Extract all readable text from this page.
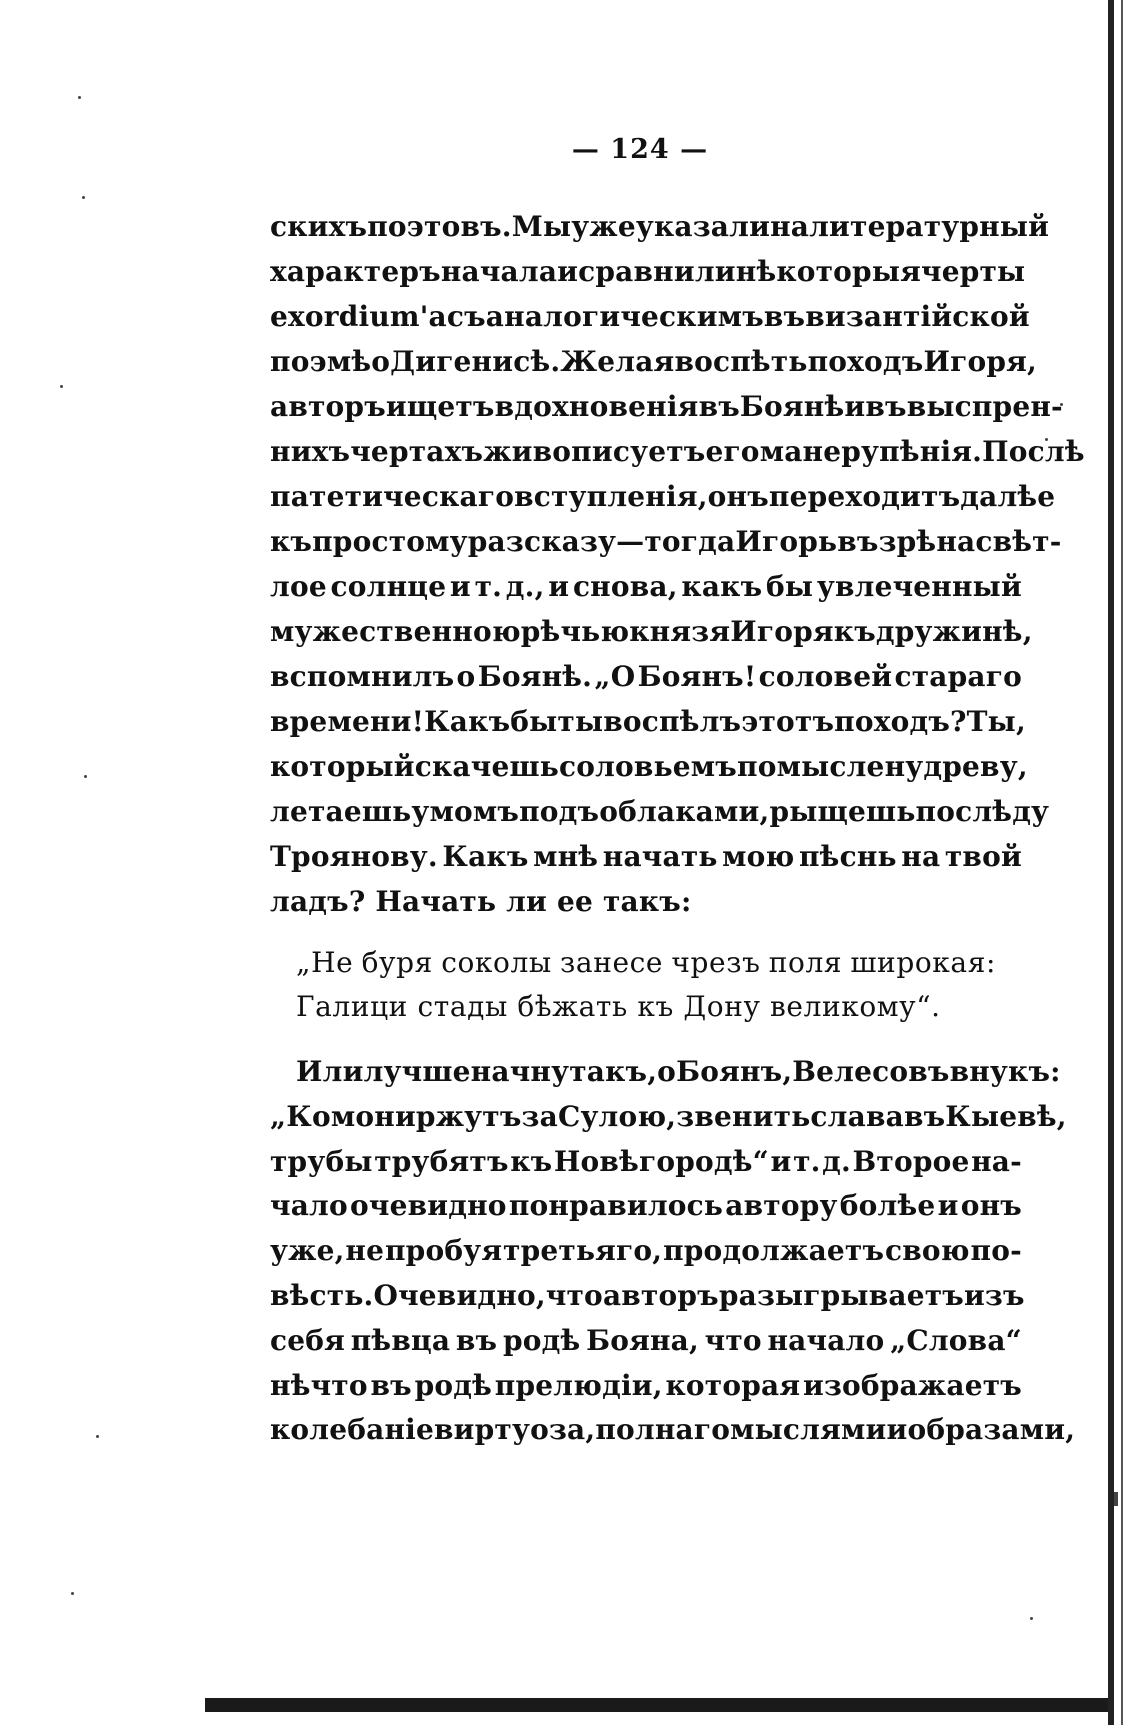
— 124 —
скихъ поэтовъ. Мы уже указали на литературный
характеръ начала и сравнили нѣкоторыя черты
exordium'а съ аналогическимъ въ византійской
поэмѣ о Дигенисѣ. Желая воспѣть походъ Игоря,
авторъ ищетъ вдохновенія въ Боянѣ и въ выспрен-
нихъ чертахъ живописуетъ его манеру пѣнія. Послѣ
патетическаго вступленія, онъ переходитъ далѣе
къ простому разсказу—тогда Игорь възрѣ на свѣт-
лое солнце и т. д., и снова, какъ бы увлеченный
мужественною рѣчью князя Игоря къ дружинѣ,
вспомнилъ о Боянѣ. „О Боянъ! соловей стараго
времени! Какъ бы ты воспѣлъ этотъ походъ? Ты,
который скачешь соловьемъ по мыслену древу,
летаешь умомъ подъ облаками, рыщешь по слѣду
Троянову. Какъ мнѣ начать мою пѣснь на твой
ладъ? Начать ли ее такъ:
„Не буря соколы занесе чрезъ поля широкая:
Галици стады бѣжать къ Дону великому“.
Или лучше начну такъ, о Боянъ, Велесовъ внукъ:
„Комони ржутъ за Сулою, звенить слава въ Кыевѣ,
трубы трубятъ къ Новѣгородѣ“ и т. д. Второе на-
чало очевидно понравилось автору болѣе и онъ
уже, не пробуя третьяго, продолжаетъ свою по-
вѣсть. Очевидно, что авторъ разыгрываетъ изъ
себя пѣвца въ родѣ Бояна, что начало „Слова“
нѣчто въ родѣ прелюдіи, которая изображаетъ
колебаніе виртуоза, полнаго мыслями и образами,
